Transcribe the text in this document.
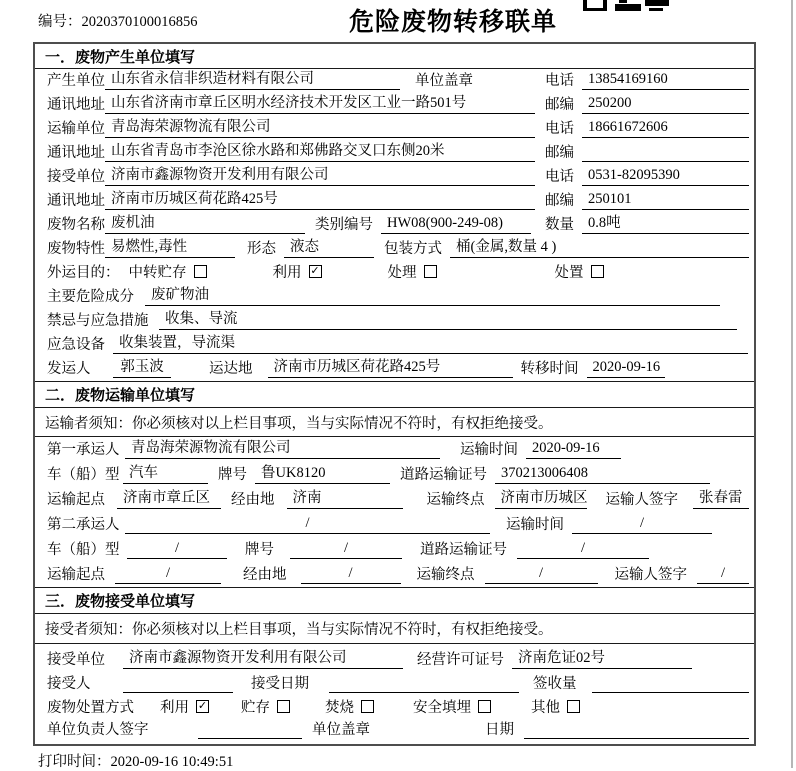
编号：2020370100016856	危险废物转移联单
一．废物产生单位填写
产生单位 山东省永信非织造材料有限公司	单位盖章	电话 13854169160
通讯地址 山东省济南市章丘区明水经济技术开发区工业一路501号	邮编 250200
运输单位 青岛海荣源物流有限公司	电话 18661672606
通讯地址 山东省青岛市李沧区徐水路和郑佛路交叉口东侧20米	邮编
接受单位 济南市鑫源物资开发利用有限公司	电话 0531-82095390
通讯地址 济南市历城区荷花路425号	邮编 250101
废物名称 废机油	类别编号 HW08(900-249-08)	数量 0.8吨
废物特性 易燃性,毒性	形态 液态	包装方式 桶(金属,数量 4 )
外运目的： 中转贮存	利用 ✓	处理	处置
主要危险成分	废矿物油
禁忌与应急措施	收集、导流
应急设备 收集装置，导流渠
发运人	郭玉波	运达地	济南市历城区荷花路425号	转移时间 2020-09-16
二．废物运输单位填写
运输者须知：你必须核对以上栏目事项，当与实际情况不符时，有权拒绝接受。
第一承运人 青岛海荣源物流有限公司	运输时间 2020-09-16
车（船）型 汽车	牌号 鲁UK8120	道路运输证号 370213006408
运输起点	济南市章丘区	经由地	济南	运输终点	济南市历城区 运输人签字	张春雷
第二承运人	/	运输时间	/
车（船）型	/	牌号	/	道路运输证号	/
运输起点	/	经由地	/	运输终点	/	运输人签字	/
三．废物接受单位填写
接受者须知：你必须核对以上栏目事项，当与实际情况不符时，有权拒绝接受。
接受单位	济南市鑫源物资开发利用有限公司	经营许可证号 济南危证02号
接受人	接受日期	签收量
废物处置方式 利用 ✓ 贮存	焚烧	安全填埋	其他
单位负责人签字	单位盖章	日期
打印时间：2020-09-16 10:49:51
